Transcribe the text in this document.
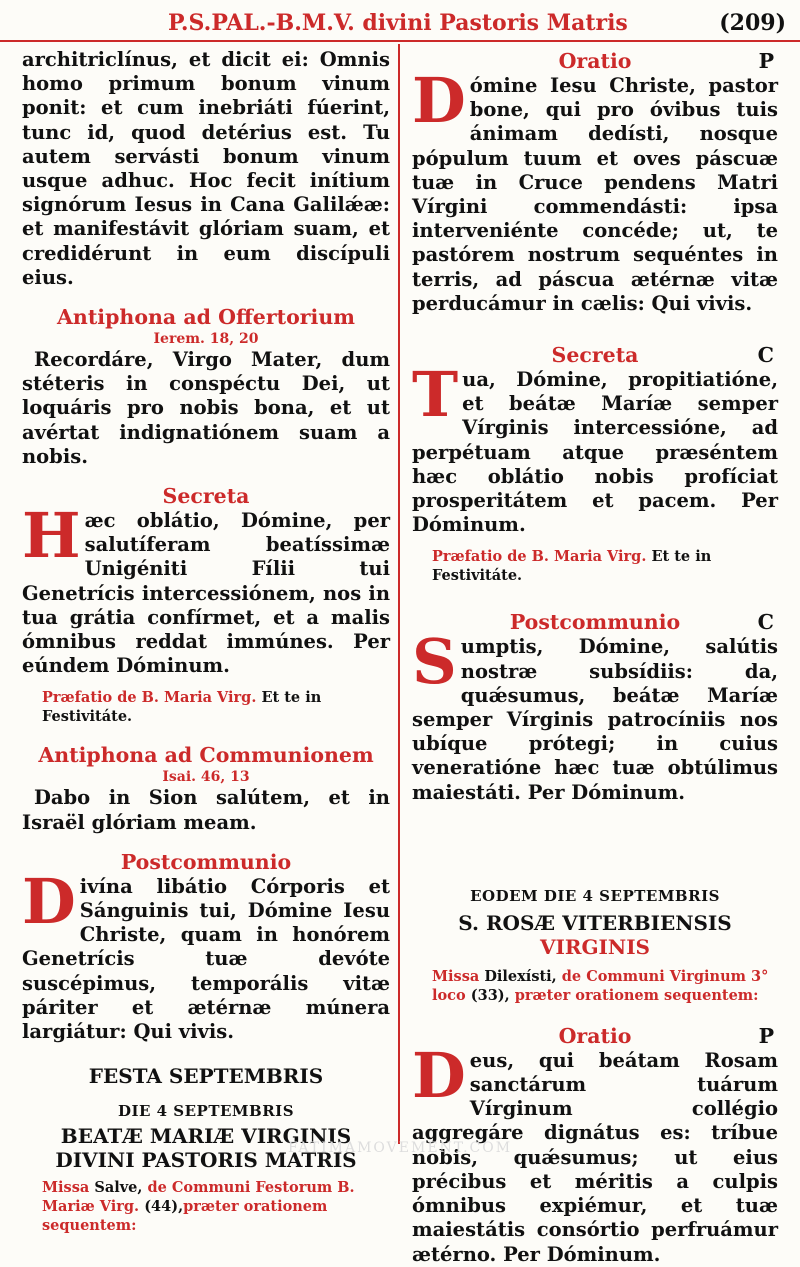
P.S.PAL.-B.M.V. divini Pastoris Matris	(209)

architriclínus, et dicit ei: Omnis homo primum bonum vinum ponit: et cum inebriáti fúerint, tunc id, quod detérius est. Tu autem servásti bonum vinum usque adhuc. Hoc fecit inítium signórum Iesus in Cana Galilǽæ: et manifestávit glóriam suam, et credidérunt in eum discípuli eius.

Antiphona ad Offertorium

Ierem. 18, 20

Recordáre, Virgo Mater, dum stéteris in conspéctu Dei, ut loquáris pro nobis bona, et ut avértat indignatiónem suam a nobis.

Secreta

Hæc oblátio, Dómine, per salutíferam beatíssimæ Unigéniti Fílii tui Genetrícis intercessiónem, nos in tua grátia confírmet, et a malis ómnibus reddat immúnes. Per eúndem Dóminum.

Præfatio de B. Maria Virg. Et te in Festivitáte.

Antiphona ad Communionem

Isai. 46, 13

Dabo in Sion salútem, et in Israël glóriam meam.

Postcommunio

Divína libátio Córporis et Sánguinis tui, Dómine Iesu Christe, quam in honórem Genetrícis tuæ devóte suscépimus, temporális vitæ páriter et ætérnæ múnera largiátur: Qui vivis.

FESTA SEPTEMBRIS

DIE 4 SEPTEMBRIS

BEATÆ MARIÆ VIRGINIS

DIVINI PASTORIS MATRIS

Missa Salve, de Communi Festorum B. Mariæ Virg. (44),præter orationem sequentem:

Oratio	P

Dómine Iesu Christe, pastor bone, qui pro óvibus tuis ánimam dedísti, nosque pópulum tuum et oves páscuæ tuæ in Cruce pendens Matri Vírgini commendásti: ipsa interveniénte concéde; ut, te pastórem nostrum sequéntes in terris, ad páscua ætérnæ vitæ perducámur in cælis: Qui vivis.

Secreta	C

Tua, Dómine, propitiatióne, et beátæ Maríæ semper Vírginis intercessióne, ad perpétuam atque præséntem hæc oblátio nobis profíciat prosperitátem et pacem. Per Dóminum.

Præfatio de B. Maria Virg. Et te in Festivitáte.

Postcommunio	C

Sumptis, Dómine, salútis nostræ subsídiis: da, quǽsumus, beátæ Maríæ semper Vírginis patrocíniis nos ubíque prótegi; in cuius veneratióne hæc tuæ obtúlimus maiestáti. Per Dóminum.

EODEM DIE 4 SEPTEMBRIS

S. ROSÆ VITERBIENSIS

VIRGINIS

Missa Dilexísti, de Communi Virginum 3° loco (33), præter orationem sequentem:

Oratio	P

Deus, qui beátam Rosam sanctárum tuárum Vírginum collégio aggregáre dignátus es: tríbue nobis, quǽsumus; ut eius précibus et méritis a culpis ómnibus expiémur, et tuæ maiestátis consórtio perfruámur ætérno. Per Dóminum.

FATIMAMOVEMENT.COM
